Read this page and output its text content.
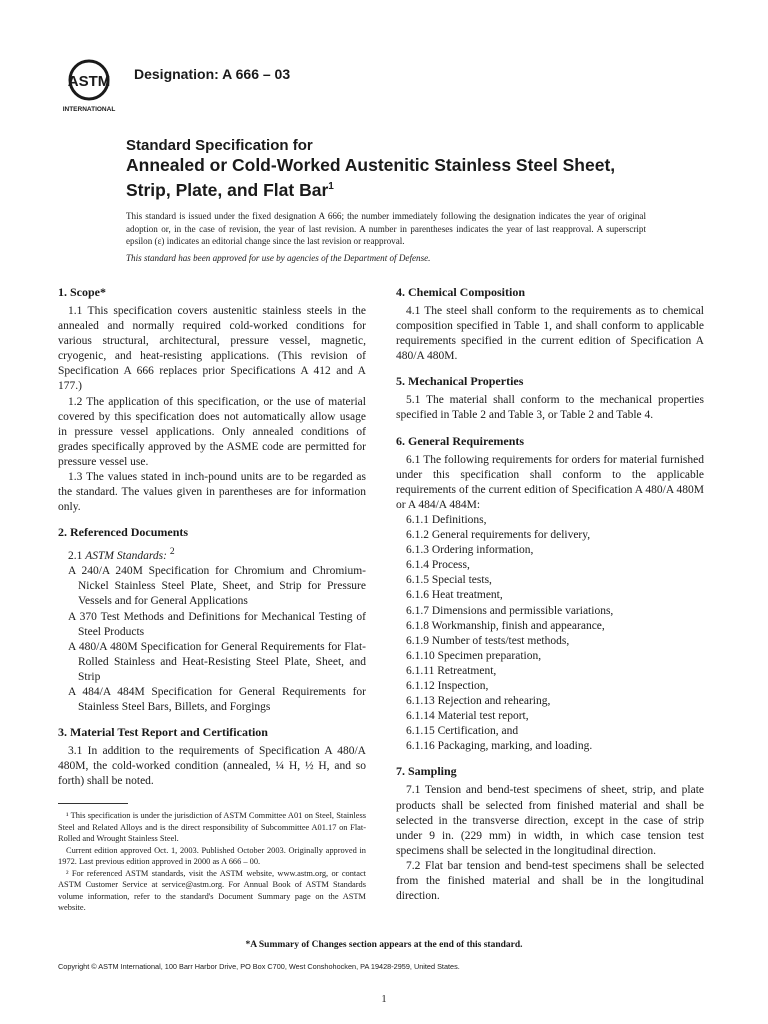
ASTM
INTERNATIONAL
Designation: A 666 – 03
Standard Specification for
Annealed or Cold-Worked Austenitic Stainless Steel Sheet,
Strip, Plate, and Flat Bar$^1$
This standard is issued under the fixed designation A 666; the number immediately following the designation indicates the year of original adoption or, in the case of revision, the year of last revision. A number in parentheses indicates the year of last reapproval. A superscript epsilon (ε) indicates an editorial change since the last revision or reapproval.
This standard has been approved for use by agencies of the Department of Defense.
1. Scope*

1.1 This specification covers austenitic stainless steels in the annealed and normally required cold-worked conditions for various structural, architectural, pressure vessel, magnetic, cryogenic, and heat-resisting applications. (This revision of Specification A 666 replaces prior Specifications A 412 and A 177.)

1.2 The application of this specification, or the use of material covered by this specification does not automatically allow usage in pressure vessel applications. Only annealed conditions of grades specifically approved by the ASME code are permitted for pressure vessel use.

1.3 The values stated in inch-pound units are to be regarded as the standard. The values given in parentheses are for information only.

2. Referenced Documents
2.1 ASTM Standards: $^2$
A 240/A 240M Specification for Chromium and Chromium-Nickel Stainless Steel Plate, Sheet, and Strip for Pressure Vessels and for General Applications
A 370 Test Methods and Definitions for Mechanical Testing of Steel Products
A 480/A 480M Specification for General Requirements for Flat-Rolled Stainless and Heat-Resisting Steel Plate, Sheet, and Strip
A 484/A 484M Specification for General Requirements for Stainless Steel Bars, Billets, and Forgings
3. Material Test Report and Certification

3.1 In addition to the requirements of Specification A 480/A 480M, the cold-worked condition (annealed, ¼ H, ½ H, and so forth) shall be noted.

¹ This specification is under the jurisdiction of ASTM Committee A01 on Steel, Stainless Steel and Related Alloys and is the direct responsibility of Subcommittee A01.17 on Flat-Rolled and Wrought Stainless Steel.

Current edition approved Oct. 1, 2003. Published October 2003. Originally approved in 1972. Last previous edition approved in 2000 as A 666 – 00.

² For referenced ASTM standards, visit the ASTM website, www.astm.org, or contact ASTM Customer Service at service@astm.org. For Annual Book of ASTM Standards volume information, refer to the standard's Document Summary page on the ASTM website.

4. Chemical Composition

4.1 The steel shall conform to the requirements as to chemical composition specified in Table 1, and shall conform to applicable requirements specified in the current edition of Specification A 480/A 480M.

5. Mechanical Properties

5.1 The material shall conform to the mechanical properties specified in Table 2 and Table 3, or Table 2 and Table 4.

6. General Requirements

6.1 The following requirements for orders for material furnished under this specification shall conform to the applicable requirements of the current edition of Specification A 480/A 480M or A 484/A 484M:

6.1.1 Definitions,
6.1.2 General requirements for delivery,
6.1.3 Ordering information,
6.1.4 Process,
6.1.5 Special tests,
6.1.6 Heat treatment,
6.1.7 Dimensions and permissible variations,
6.1.8 Workmanship, finish and appearance,
6.1.9 Number of tests/test methods,
6.1.10 Specimen preparation,
6.1.11 Retreatment,
6.1.12 Inspection,
6.1.13 Rejection and rehearing,
6.1.14 Material test report,
6.1.15 Certification, and
6.1.16 Packaging, marking, and loading.
7. Sampling

7.1 Tension and bend-test specimens of sheet, strip, and plate products shall be selected from finished material and shall be selected in the transverse direction, except in the case of strip under 9 in. (229 mm) in width, in which case tension test specimens shall be selected in the longitudinal direction.

7.2 Flat bar tension and bend-test specimens shall be selected from the finished material and shall be in the longitudinal direction.

*A Summary of Changes section appears at the end of this standard.
Copyright © ASTM International, 100 Barr Harbor Drive, PO Box C700, West Conshohocken, PA 19428-2959, United States.
1
